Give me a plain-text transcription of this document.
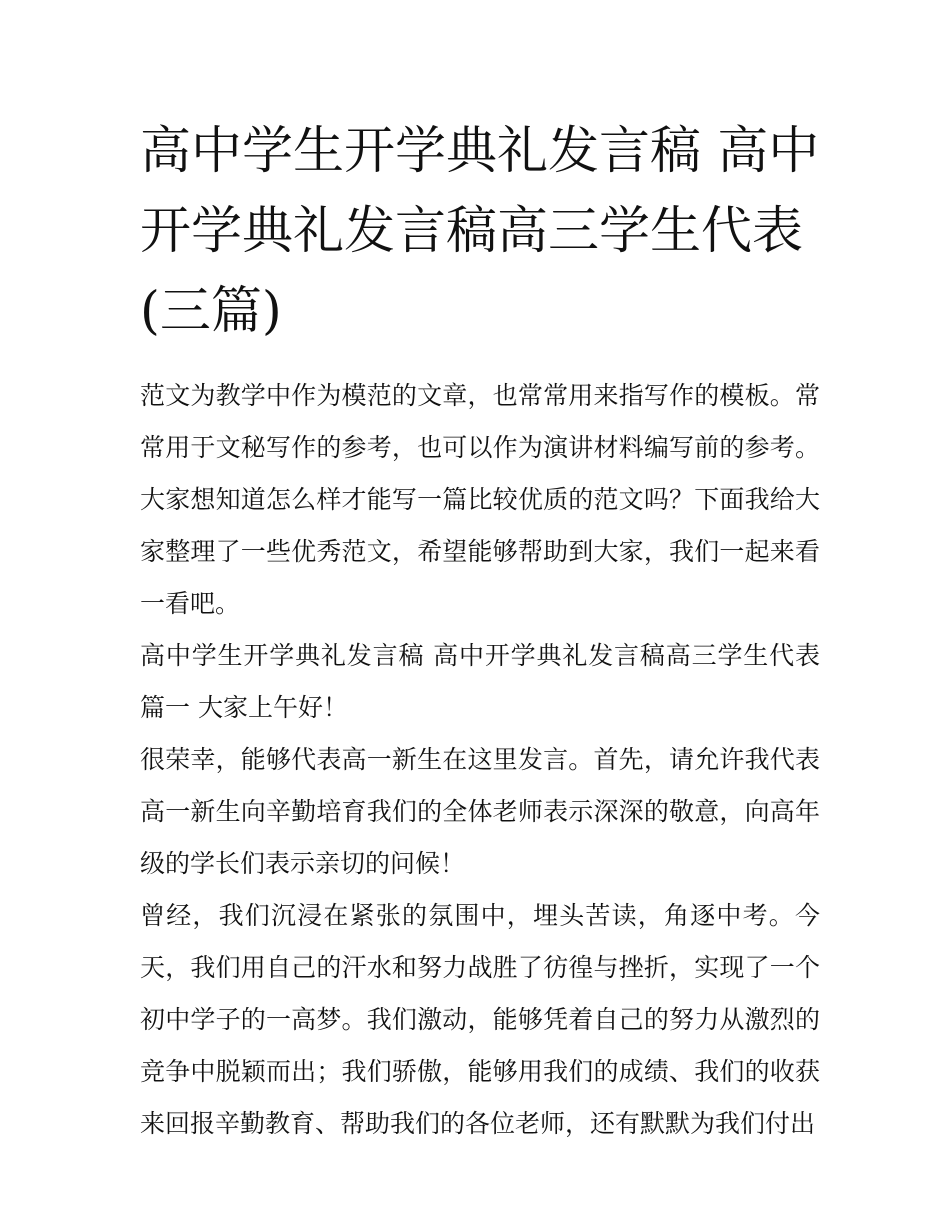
高中学生开学典礼发言稿 高中开学典礼发言稿高三学生代表(三篇)

范文为教学中作为模范的文章，也常常用来指写作的模板。常常用于文秘写作的参考，也可以作为演讲材料编写前的参考。大家想知道怎么样才能写一篇比较优质的范文吗？下面我给大家整理了一些优秀范文，希望能够帮助到大家，我们一起来看一看吧。

高中学生开学典礼发言稿 高中开学典礼发言稿高三学生代表篇一 大家上午好！

很荣幸，能够代表高一新生在这里发言。首先，请允许我代表高一新生向辛勤培育我们的全体老师表示深深的敬意，向高年级的学长们表示亲切的问候！

曾经，我们沉浸在紧张的氛围中，埋头苦读，角逐中考。今天，我们用自己的汗水和努力战胜了彷徨与挫折，实现了一个初中学子的一高梦。我们激动，能够凭着自己的努力从激烈的竞争中脱颖而出；我们骄傲，能够用我们的成绩、我们的收获来回报辛勤教育、帮助我们的各位老师，还有默默为我们付出
